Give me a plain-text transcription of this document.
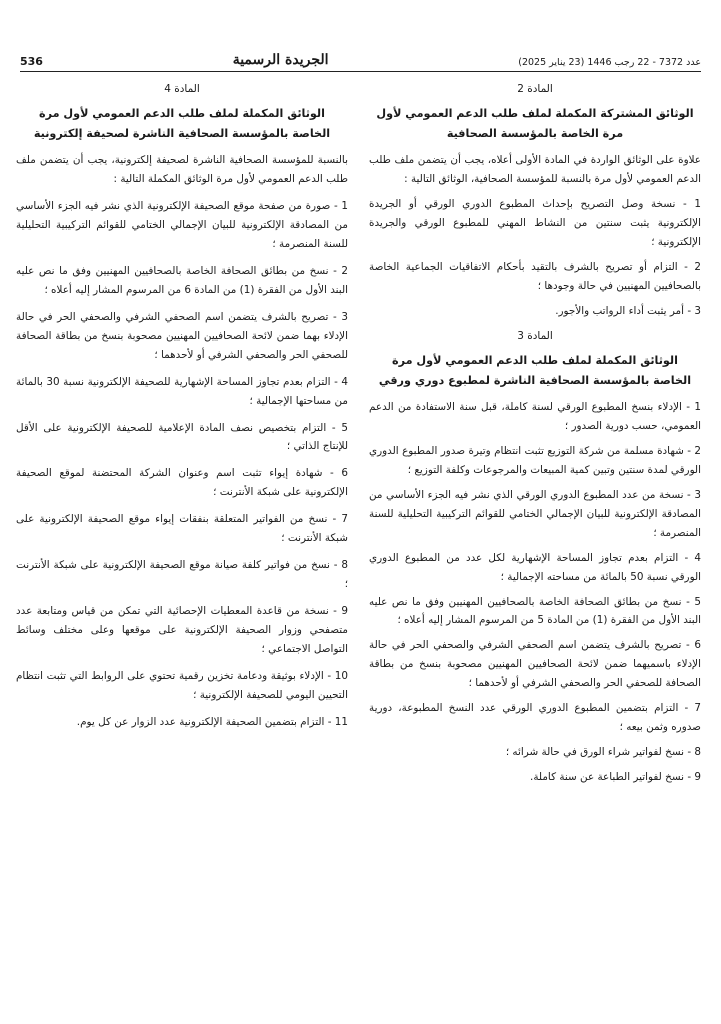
536	الجريدة الرسمية	عدد 7372 - 22 رجب 1446 (23 يناير 2025)
المادة 2
الوثائق المشتركة المكملة لملف طلب الدعم العمومي لأول مرة الخاصة بالمؤسسة الصحافية

علاوة على الوثائق الواردة في المادة الأولى أعلاه، يجب أن يتضمن ملف طلب الدعم العمومي لأول مرة بالنسبة للمؤسسة الصحافية، الوثائق التالية :

1 - نسخة وصل التصريح بإحداث المطبوع الدوري الورقي أو الجريدة الإلكترونية يثبت سنتين من النشاط المهني للمطبوع الورقي والجريدة الإلكترونية ؛

2 - التزام أو تصريح بالشرف بالتقيد بأحكام الاتفاقيات الجماعية الخاصة بالصحافيين المهنيين في حالة وجودها ؛

3 - أمر يثبت أداء الرواتب والأجور.

المادة 3
الوثائق المكملة لملف طلب الدعم العمومي لأول مرة الخاصة بالمؤسسة الصحافية الناشرة لمطبوع دوري ورقي

1 - الإدلاء بنسخ المطبوع الورقي لسنة كاملة، قبل سنة الاستفادة من الدعم العمومي، حسب دورية الصدور ؛

2 - شهادة مسلمة من شركة التوزيع تثبت انتظام وتيرة صدور المطبوع الدوري الورقي لمدة سنتين وتبين كمية المبيعات والمرجوعات وكلفة التوزيع ؛

3 - نسخة من عدد المطبوع الدوري الورقي الذي نشر فيه الجزء الأساسي من المصادقة الإلكترونية للبيان الإجمالي الختامي للقوائم التركيبية التحليلية للسنة المنصرمة ؛

4 - التزام بعدم تجاوز المساحة الإشهارية لكل عدد من المطبوع الدوري الورقي نسبة 50 بالمائة من مساحته الإجمالية ؛

5 - نسخ من بطائق الصحافة الخاصة بالصحافيين المهنيين وفق ما نص عليه البند الأول من الفقرة (1) من المادة 5 من المرسوم المشار إليه أعلاه ؛

6 - تصريح بالشرف يتضمن اسم الصحفي الشرفي والصحفي الحر في حالة الإدلاء باسميهما ضمن لائحة الصحافيين المهنيين مصحوبة بنسخ من بطاقة الصحافة للصحفي الحر والصحفي الشرفي أو لأحدهما ؛

7 - التزام بتضمين المطبوع الدوري الورقي عدد النسخ المطبوعة، دورية صدوره وثمن بيعه ؛

8 - نسخ لفواتير شراء الورق في حالة شرائه ؛

9 - نسخ لفواتير الطباعة عن سنة كاملة.

المادة 4
الوثائق المكملة لملف طلب الدعم العمومي لأول مرة الخاصة بالمؤسسة الصحافية الناشرة لصحيفة إلكترونية

بالنسبة للمؤسسة الصحافية الناشرة لصحيفة إلكترونية، يجب أن يتضمن ملف طلب الدعم العمومي لأول مرة الوثائق المكملة التالية :

1 - صورة من صفحة موقع الصحيفة الإلكترونية الذي نشر فيه الجزء الأساسي من المصادقة الإلكترونية للبيان الإجمالي الختامي للقوائم التركيبية التحليلية للسنة المنصرمة ؛

2 - نسخ من بطائق الصحافة الخاصة بالصحافيين المهنيين وفق ما نص عليه البند الأول من الفقرة (1) من المادة 6 من المرسوم المشار إليه أعلاه ؛

3 - تصريح بالشرف يتضمن اسم الصحفي الشرفي والصحفي الحر في حالة الإدلاء بهما ضمن لائحة الصحافيين المهنيين مصحوبة بنسخ من بطاقة الصحافة للصحفي الحر والصحفي الشرفي أو لأحدهما ؛

4 - التزام بعدم تجاوز المساحة الإشهارية للصحيفة الإلكترونية نسبة 30 بالمائة من مساحتها الإجمالية ؛

5 - التزام بتخصيص نصف المادة الإعلامية للصحيفة الإلكترونية على الأقل للإنتاج الذاتي ؛

6 - شهادة إيواء تثبت اسم وعنوان الشركة المحتضنة لموقع الصحيفة الإلكترونية على شبكة الأنترنت ؛

7 - نسخ من الفواتير المتعلقة بنفقات إيواء موقع الصحيفة الإلكترونية على شبكة الأنترنت ؛

8 - نسخ من فواتير كلفة صيانة موقع الصحيفة الإلكترونية على شبكة الأنترنت ؛

9 - نسخة من قاعدة المعطيات الإحصائية التي تمكن من قياس ومتابعة عدد متصفحي وزوار الصحيفة الإلكترونية على موقعها وعلى مختلف وسائط التواصل الاجتماعي ؛

10 - الإدلاء بوثيقة ودعامة تخزين رقمية تحتوي على الروابط التي تثبت انتظام التحيين اليومي للصحيفة الإلكترونية ؛

11 - التزام بتضمين الصحيفة الإلكترونية عدد الزوار عن كل يوم.
